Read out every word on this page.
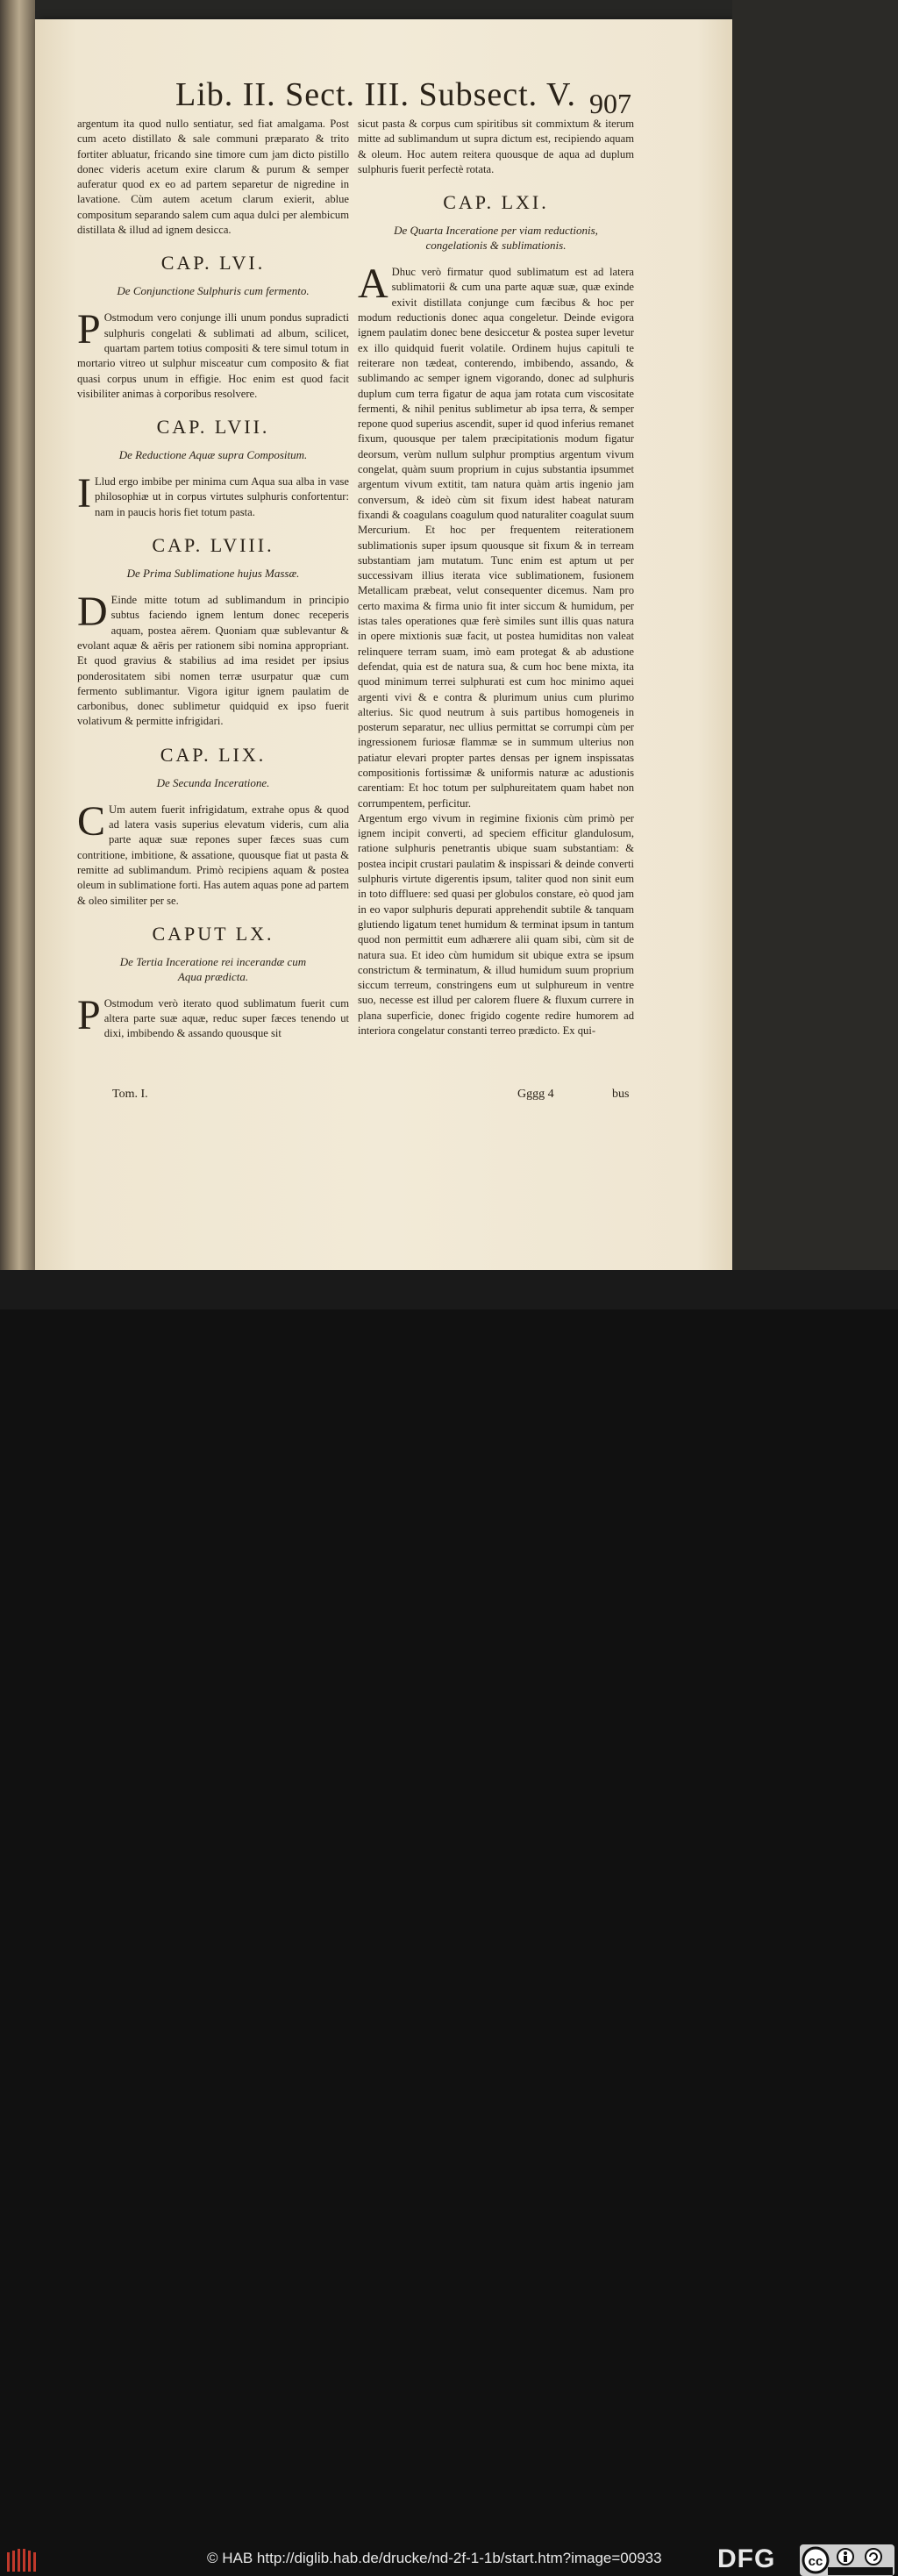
Lib. II. Sect. III. Subsect. V. 907

argentum ita quod nullo sentiatur, sed fiat amalgama. Post cum aceto distillato & sale communi præparato & trito fortiter abluatur, fricando sine timore cum jam dicto pistillo donec videris acetum exire clarum & purum & semper auferatur quod ex eo ad partem separetur de nigredine in lavatione. Cùm autem acetum clarum exierit, ablue compositum separando salem cum aqua dulci per alembicum distillata & illud ad ignem desicca.

CAP. LVI.
De Conjunctione Sulphuris cum fermento.

P Ostmodum vero conjunge illi unum pondus supradicti sulphuris congelati & sublimati ad album, scilicet, quartam partem totius compositi & tere simul totum in mortario vitreo ut sulphur misceatur cum composito & fiat quasi corpus unum in effigie. Hoc enim est quod facit visibiliter animas à corporibus resolvere.

CAP. LVII.
De Reductione Aquæ supra Compositum.

I Llud ergo imbibe per minima cum Aqua sua alba in vase philosophiæ ut in corpus virtutes sulphuris confortentur: nam in paucis horis fiet totum pasta.

CAP. LVIII.
De Prima Sublimatione hujus Massæ.

D Einde mitte totum ad sublimandum in principio subtus faciendo ignem lentum donec receperis aquam, postea aërem. Quoniam quæ sublevantur & evolant aquæ & aëris per rationem sibi nomina appropriant. Et quod gravius & stabilius ad ima residet per ipsius ponderositatem sibi nomen terræ usurpatur quæ cum fermento sublimantur. Vigora igitur ignem paulatim de carbonibus, donec sublimetur quidquid ex ipso fuerit volativum & permitte infrigidari.

CAP. LIX.
De Secunda Inceratione.

C Um autem fuerit infrigidatum, extrahe opus & quod ad latera vasis superius elevatum videris, cum alia parte aquæ suæ repones super fæces suas cum contritione, imbitione, & assatione, quousque fiat ut pasta & remitte ad sublimandum. Primò recipiens aquam & postea oleum in sublimatione forti. Has autem aquas pone ad partem & oleo similiter per se.

CAPUT LX.
De Tertia Inceratione rei incerandæ cum
Aqua prædicta.

P Ostmodum verò iterato quod sublimatum fuerit cum altera parte suæ aquæ, reduc super fæces tenendo ut dixi, imbibendo & assando quousque sit

sicut pasta & corpus cum spiritibus sit commixtum & iterum mitte ad sublimandum ut supra dictum est, recipiendo aquam & oleum. Hoc autem reitera quousque de aqua ad duplum sulphuris fuerit perfectè rotata.

CAP. LXI.
De Quarta Inceratione per viam reductionis,
congelationis & sublimationis.

A Dhuc verò firmatur quod sublimatum est ad latera sublimatorii & cum una parte aquæ suæ, quæ exinde exivit distillata conjunge cum fæcibus & hoc per modum reductionis donec aqua congeletur. Deinde evigora ignem paulatim donec bene desiccetur & postea super levetur ex illo quidquid fuerit volatile. Ordinem hujus capituli te reiterare non tædeat, conterendo, imbibendo, assando, & sublimando ac semper ignem vigorando, donec ad sulphuris duplum cum terra figatur de aqua jam rotata cum viscositate fermenti, & nihil penitus sublimetur ab ipsa terra, & semper repone quod superius ascendit, super id quod inferius remanet fixum, quousque per talem præcipitationis modum figatur deorsum, verùm nullum sulphur promptius argentum vivum congelat, quàm suum proprium in cujus substantia ipsummet argentum vivum extitit, tam natura quàm artis ingenio jam conversum, & ideò cùm sit fixum idest habeat naturam fixandi & coagulans coagulum quod naturaliter coagulat suum Mercurium. Et hoc per frequentem reiterationem sublimationis super ipsum quousque sit fixum & in terream substantiam jam mutatum. Tunc enim est aptum ut per successivam illius iterata vice sublimationem, fusionem Metallicam præbeat, velut consequenter dicemus. Nam pro certo maxima & firma unio fit inter siccum & humidum, per istas tales operationes quæ ferè similes sunt illis quas natura in opere mixtionis suæ facit, ut postea humiditas non valeat relinquere terram suam, imò eam protegat & ab adustione defendat, quia est de natura sua, & cum hoc bene mixta, ita quod minimum terrei sulphurati est cum hoc minimo aquei argenti vivi & e contra & plurimum unius cum plurimo alterius. Sic quod neutrum à suis partibus homogeneis in posterum separatur, nec ullius permittat se corrumpi cùm per ingressionem furiosæ flammæ se in summum ulterius non patiatur elevari propter partes densas per ignem inspissatas compositionis fortissimæ & uniformis naturæ ac adustionis carentiam: Et hoc totum per sulphureitatem quam habet non corrumpentem, perficitur.

Argentum ergo vivum in regimine fixionis cùm primò per ignem incipit converti, ad speciem efficitur glandulosum, ratione sulphuris penetrantis ubique suam substantiam: & postea incipit crustari paulatim & inspissari & deinde converti sulphuris virtute digerentis ipsum, taliter quod non sinit eum in toto diffluere: sed quasi per globulos constare, eò quod jam in eo vapor sulphuris depurati apprehendit subtile & tanquam glutiendo ligatum tenet humidum & terminat ipsum in tantum quod non permittit eum adhærere alii quam sibi, cùm sit de natura sua. Et ideo cùm humidum sit ubique extra se ipsum constrictum & terminatum, & illud humidum suum proprium siccum terreum, constringens eum ut sulphureum in ventre suo, necesse est illud per calorem fluere & fluxum currere in plana superficie, donec frigido cogente redire humorem ad interiora congelatur constanti terreo prædicto. Ex qui-

Tom. I.	Gggg 4	bus
© HAB http://diglib.hab.de/drucke/nd-2f-1-1b/start.htm?image=00933 DFG cc
